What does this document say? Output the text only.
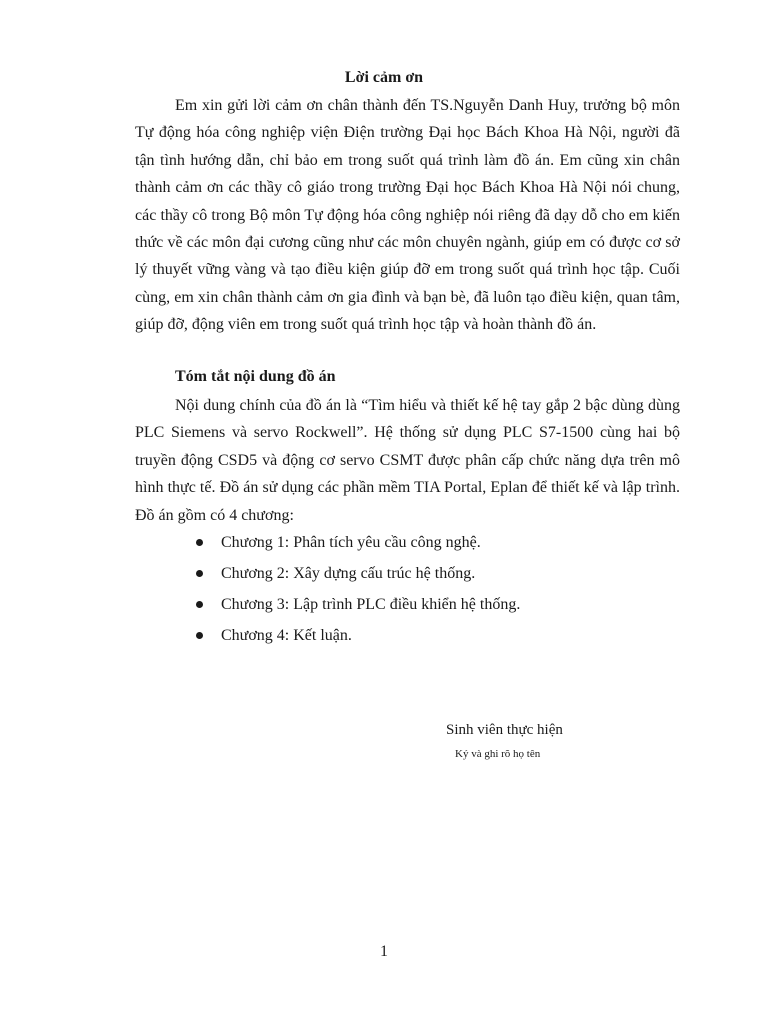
Lời cảm ơn
Em xin gửi lời cảm ơn chân thành đến TS.Nguyễn Danh Huy, trưởng bộ môn Tự động hóa công nghiệp viện Điện trường Đại học Bách Khoa Hà Nội, người đã tận tình hướng dẫn, chỉ bảo em trong suốt quá trình làm đồ án. Em cũng xin chân thành cảm ơn các thầy cô giáo trong trường Đại học Bách Khoa Hà Nội nói chung, các thầy cô trong Bộ môn Tự động hóa công nghiệp nói riêng đã dạy dỗ cho em kiến thức về các môn đại cương cũng như các môn chuyên ngành, giúp em có được cơ sở lý thuyết vững vàng và tạo điều kiện giúp đỡ em trong suốt quá trình học tập. Cuối cùng, em xin chân thành cảm ơn gia đình và bạn bè, đã luôn tạo điều kiện, quan tâm, giúp đỡ, động viên em trong suốt quá trình học tập và hoàn thành đồ án.
Tóm tắt nội dung đồ án
Nội dung chính của đồ án là “Tìm hiểu và thiết kế hệ tay gắp 2 bậc dùng dùng PLC Siemens và servo Rockwell”. Hệ thống sử dụng PLC S7-1500 cùng hai bộ truyền động CSD5 và động cơ servo CSMT được phân cấp chức năng dựa trên mô hình thực tế. Đồ án sử dụng các phần mềm TIA Portal, Eplan để thiết kế và lập trình. Đồ án gồm có 4 chương:
Chương 1: Phân tích yêu cầu công nghệ.
Chương 2: Xây dựng cấu trúc hệ thống.
Chương 3: Lập trình PLC điều khiển hệ thống.
Chương 4: Kết luận.
Sinh viên thực hiện
Ký và ghi rõ họ tên
1
